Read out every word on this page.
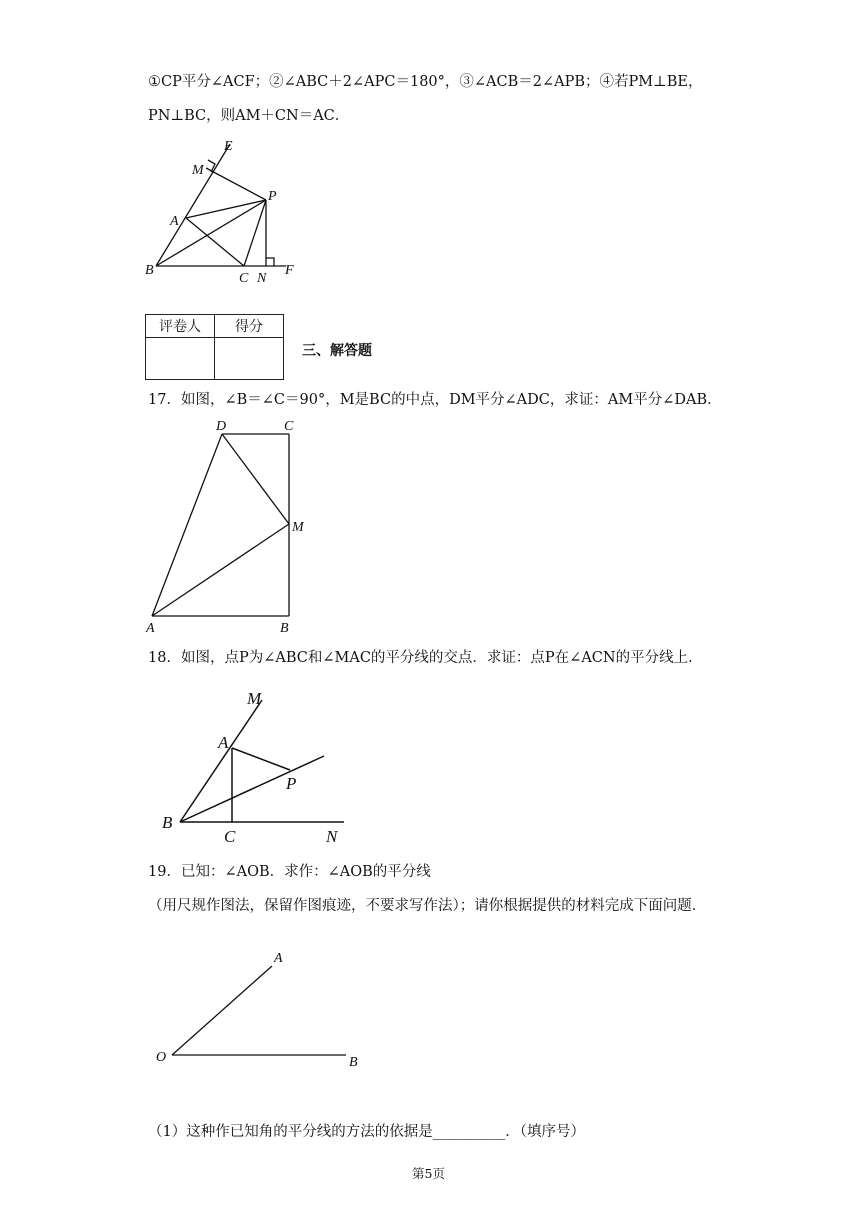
①CP平分∠ACF；②∠ABC＋2∠APC＝180°，③∠ACB＝2∠APB；④若PM⊥BE，
PN⊥BC，则AM＋CN＝AC．
E
M
P
A
B
C N
F
评卷人	得分

三、解答题
17．如图，∠B＝∠C＝90°，M是BC的中点，DM平分∠ADC，求证：AM平分∠DAB．
D	C
M
A	B
18．如图，点P为∠ABC和∠MAC的平分线的交点．求证：点P在∠ACN的平分线上．
M
A
P
B
C	N
19．已知：∠AOB．求作：∠AOB的平分线
（用尺规作图法，保留作图痕迹，不要求写作法）；请你根据提供的材料完成下面问题．
A
O	B
（1）这种作已知角的平分线的方法的依据是__________．（填序号）
第5页
